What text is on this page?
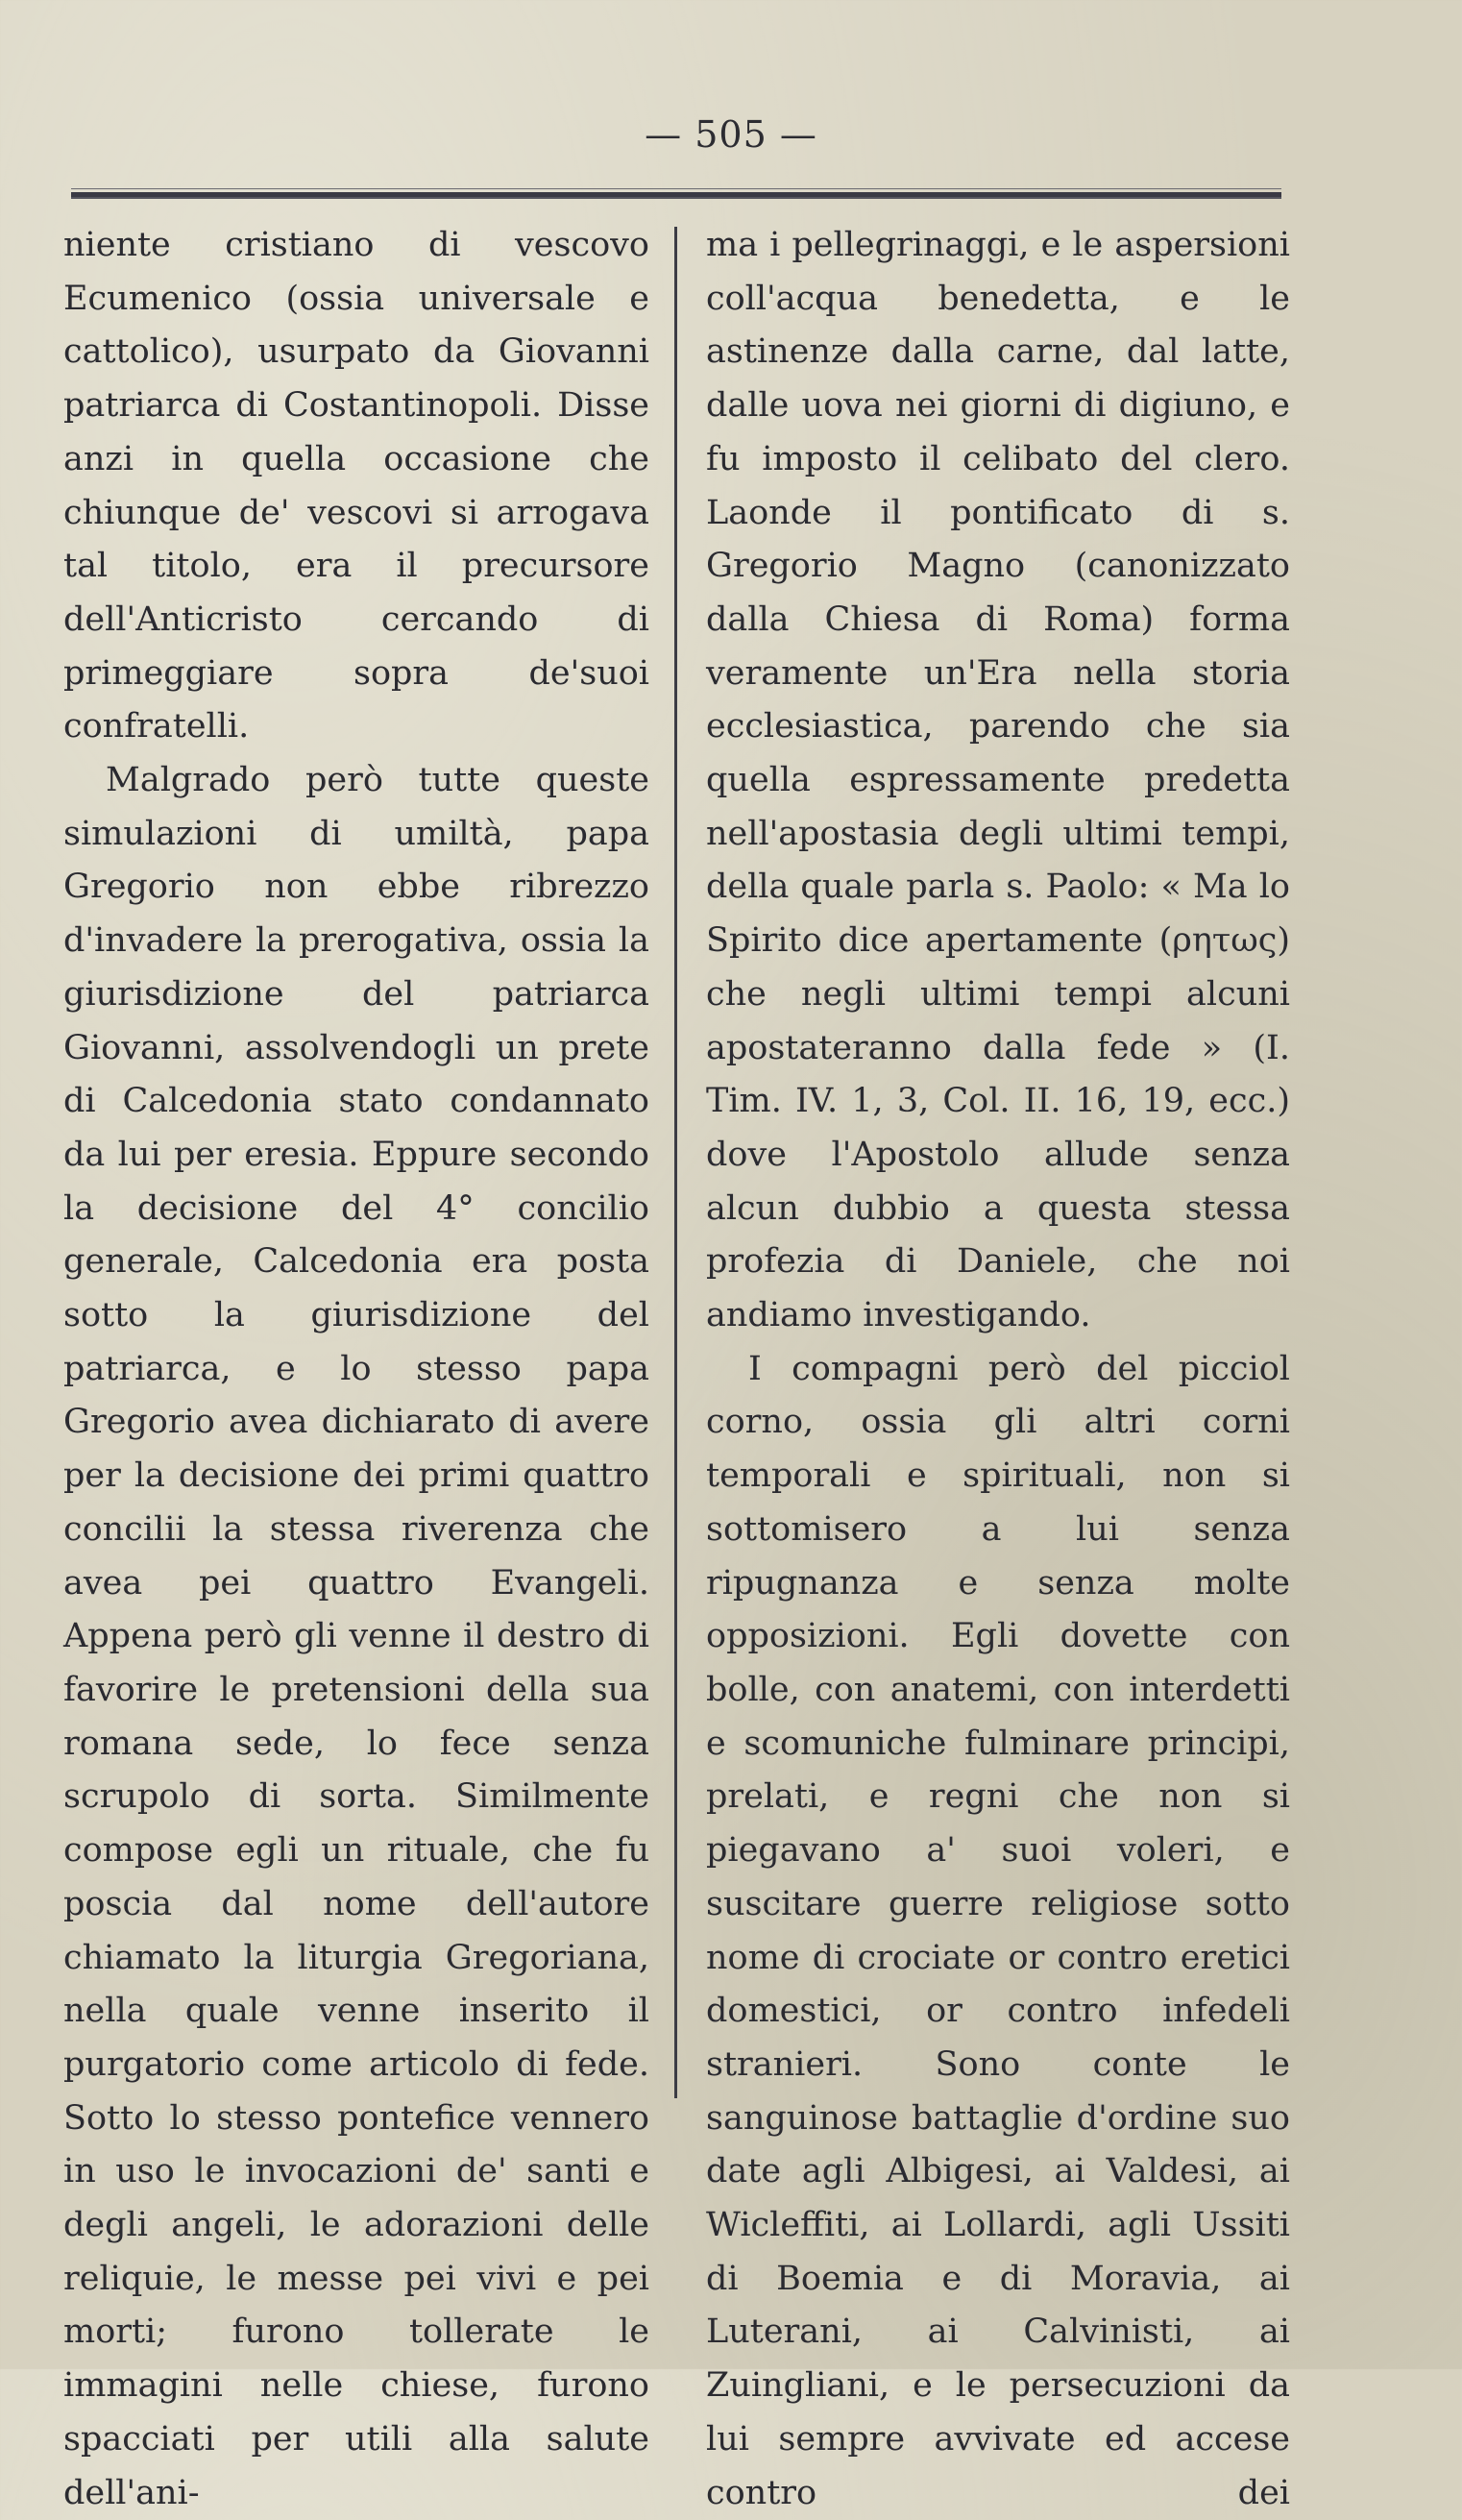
— 505 —

niente cristiano di vescovo Ecumenico (ossia universale e cattolico), usurpato da Giovanni patriarca di Costantinopoli. Disse anzi in quella occasione che chiunque de' vescovi si arrogava tal titolo, era il precursore dell'Anticristo cercando di primeggiare sopra de'suoi confratelli.

Malgrado però tutte queste simulazioni di umiltà, papa Gregorio non ebbe ribrezzo d'invadere la prerogativa, ossia la giurisdizione del patriarca Giovanni, assolvendogli un prete di Calcedonia stato condannato da lui per eresia. Eppure secondo la decisione del 4° concilio generale, Calcedonia era posta sotto la giurisdizione del patriarca, e lo stesso papa Gregorio avea dichiarato di avere per la decisione dei primi quattro concilii la stessa riverenza che avea pei quattro Evangeli. Appena però gli venne il destro di favorire le pretensioni della sua romana sede, lo fece senza scrupolo di sorta. Similmente compose egli un rituale, che fu poscia dal nome dell'autore chiamato la liturgia Gregoriana, nella quale venne inserito il purgatorio come articolo di fede. Sotto lo stesso pontefice vennero in uso le invocazioni de' santi e degli angeli, le adorazioni delle reliquie, le messe pei vivi e pei morti; furono tollerate le immagini nelle chiese, furono spacciati per utili alla salute dell'ani-

ma i pellegrinaggi, e le aspersioni coll'acqua benedetta, e le astinenze dalla carne, dal latte, dalle uova nei giorni di digiuno, e fu imposto il celibato del clero. Laonde il pontificato di s. Gregorio Magno (canonizzato dalla Chiesa di Roma) forma veramente un'Era nella storia ecclesiastica, parendo che sia quella espressamente predetta nell'apostasia degli ultimi tempi, della quale parla s. Paolo: « Ma lo Spirito dice apertamente (ρητως) che negli ultimi tempi alcuni apostateranno dalla fede » (I. Tim. IV. 1, 3, Col. II. 16, 19, ecc.) dove l'Apostolo allude senza alcun dubbio a questa stessa profezia di Daniele, che noi andiamo investigando.

I compagni però del picciol corno, ossia gli altri corni temporali e spirituali, non si sottomisero a lui senza ripugnanza e senza molte opposizioni. Egli dovette con bolle, con anatemi, con interdetti e scomuniche fulminare principi, prelati, e regni che non si piegavano a' suoi voleri, e suscitare guerre religiose sotto nome di crociate or contro eretici domestici, or contro infedeli stranieri. Sono conte le sanguinose battaglie d'ordine suo date agli Albigesi, ai Valdesi, ai Wicleffiti, ai Lollardi, agli Ussiti di Boemia e di Moravia, ai Luterani, ai Calvinisti, ai Zuingliani, e le persecuzioni da lui sempre avvivate ed accese contro dei
